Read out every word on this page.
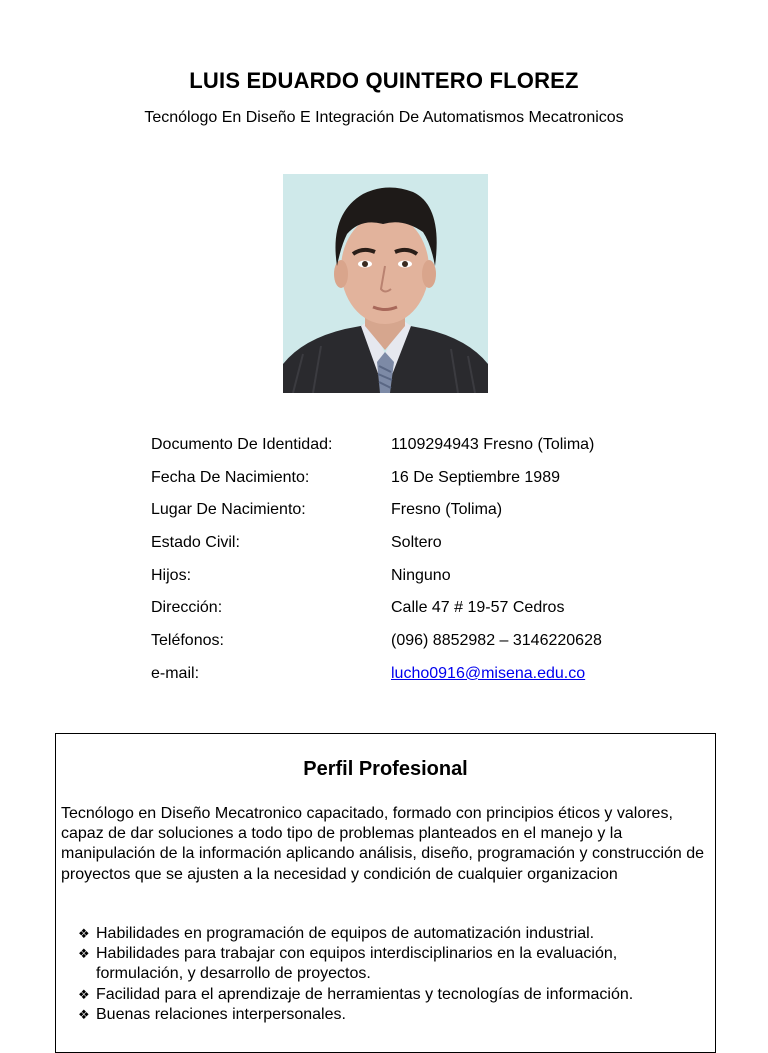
LUIS EDUARDO QUINTERO FLOREZ
Tecnólogo En Diseño E Integración De Automatismos Mecatronicos
Documento De Identidad:	1109294943 Fresno (Tolima)
Fecha De Nacimiento:	16 De Septiembre 1989
Lugar De Nacimiento:	Fresno (Tolima)
Estado Civil:	Soltero
Hijos:	Ninguno
Dirección:	Calle 47 # 19-57 Cedros
Teléfonos:	(096) 8852982 – 3146220628
e-mail:	lucho0916@misena.edu.co
Perfil Profesional
Tecnólogo en Diseño Mecatronico capacitado, formado con principios éticos y valores, capaz de dar soluciones a todo tipo de problemas planteados en el manejo y la manipulación de la información aplicando análisis, diseño, programación y construcción de proyectos que se ajusten a la necesidad y condición de cualquier organizacion
❖ Habilidades en programación de equipos de automatización industrial.
❖ Habilidades para trabajar con equipos interdisciplinarios en la evaluación, formulación, y desarrollo de proyectos.
❖ Facilidad para el aprendizaje de herramientas y tecnologías de información.
❖ Buenas relaciones interpersonales.
